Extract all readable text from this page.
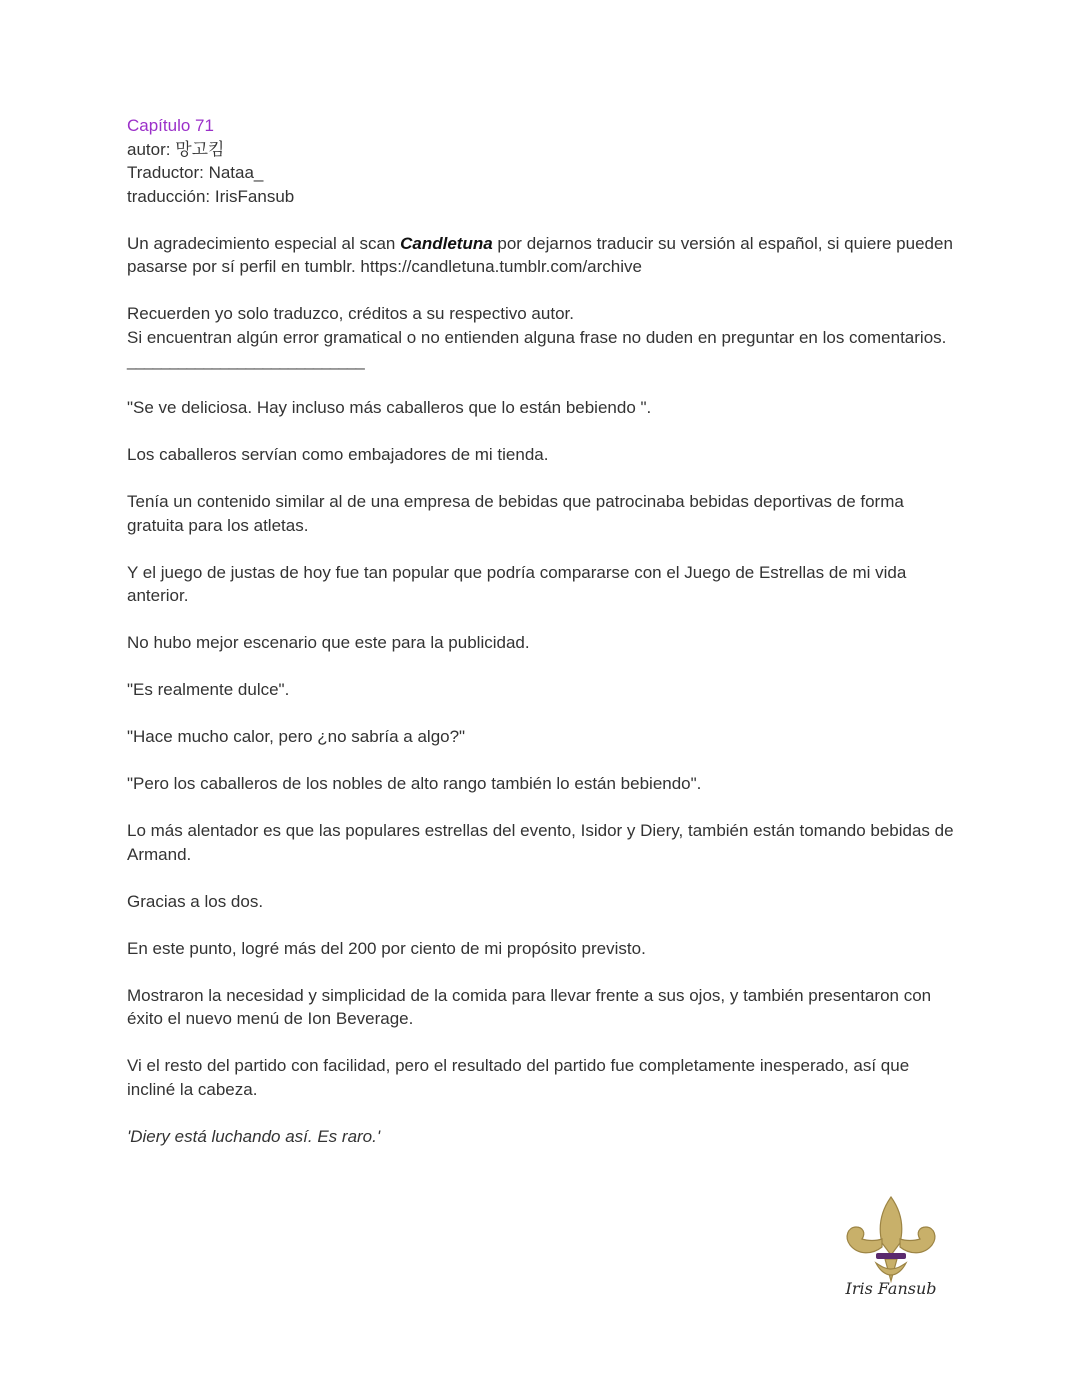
Capítulo 71

autor: 망고킴

Traductor: Nataa_

traducción: IrisFansub

Un agradecimiento especial al scan Candletuna por dejarnos traducir su versión al español, si quiere pueden pasarse por sí perfil en tumblr. https://candletuna.tumblr.com/archive

Recuerden yo solo traduzco, créditos a su respectivo autor.

Si encuentran algún error gramatical o no entienden alguna frase no duden en preguntar en los comentarios.

____________________________

"Se ve deliciosa. Hay incluso más caballeros que lo están bebiendo ".

Los caballeros servían como embajadores de mi tienda.

Tenía un contenido similar al de una empresa de bebidas que patrocinaba bebidas deportivas de forma gratuita para los atletas.

Y el juego de justas de hoy fue tan popular que podría compararse con el Juego de Estrellas de mi vida anterior.

No hubo mejor escenario que este para la publicidad.

"Es realmente dulce".

"Hace mucho calor, pero ¿no sabría a algo?"

"Pero los caballeros de los nobles de alto rango también lo están bebiendo".

Lo más alentador es que las populares estrellas del evento, Isidor y Diery, también están tomando bebidas de Armand.

Gracias a los dos.

En este punto, logré más del 200 por ciento de mi propósito previsto.

Mostraron la necesidad y simplicidad de la comida para llevar frente a sus ojos, y también presentaron con éxito el nuevo menú de Ion Beverage.

Vi el resto del partido con facilidad, pero el resultado del partido fue completamente inesperado, así que incliné la cabeza.

'Diery está luchando así. Es raro.'

Iris Fansub
